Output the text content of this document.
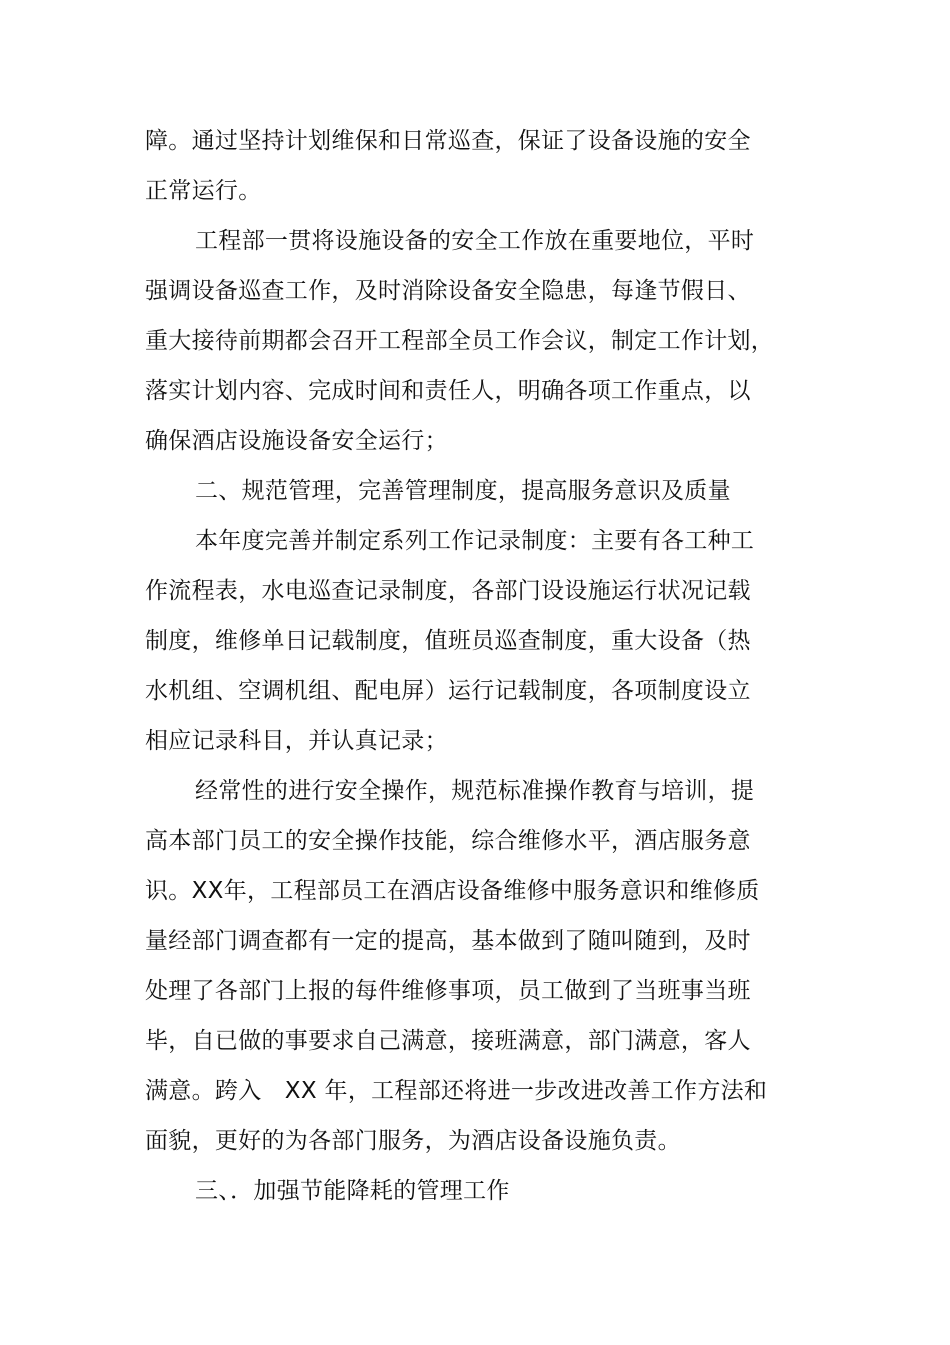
障。通过坚持计划维保和日常巡查，保证了设备设施的安全
正常运行。
工程部一贯将设施设备的安全工作放在重要地位，平时
强调设备巡查工作，及时消除设备安全隐患，每逢节假日、
重大接待前期都会召开工程部全员工作会议，制定工作计划，
落实计划内容、完成时间和责任人，明确各项工作重点，以
确保酒店设施设备安全运行；
二、规范管理，完善管理制度，提高服务意识及质量
本年度完善并制定系列工作记录制度：主要有各工种工
作流程表，水电巡查记录制度，各部门设设施运行状况记载
制度，维修单日记载制度，值班员巡查制度，重大设备（热
水机组、空调机组、配电屏）运行记载制度，各项制度设立
相应记录科目，并认真记录；
经常性的进行安全操作，规范标准操作教育与培训，提
高本部门员工的安全操作技能，综合维修水平，酒店服务意
识。XX年，工程部员工在酒店设备维修中服务意识和维修质
量经部门调查都有一定的提高，基本做到了随叫随到，及时
处理了各部门上报的每件维修事项，员工做到了当班事当班
毕，自已做的事要求自己满意，接班满意，部门满意，客人
满意。跨入　XX 年，工程部还将进一步改进改善工作方法和
面貌，更好的为各部门服务，为酒店设备设施负责。
三、．加强节能降耗的管理工作
